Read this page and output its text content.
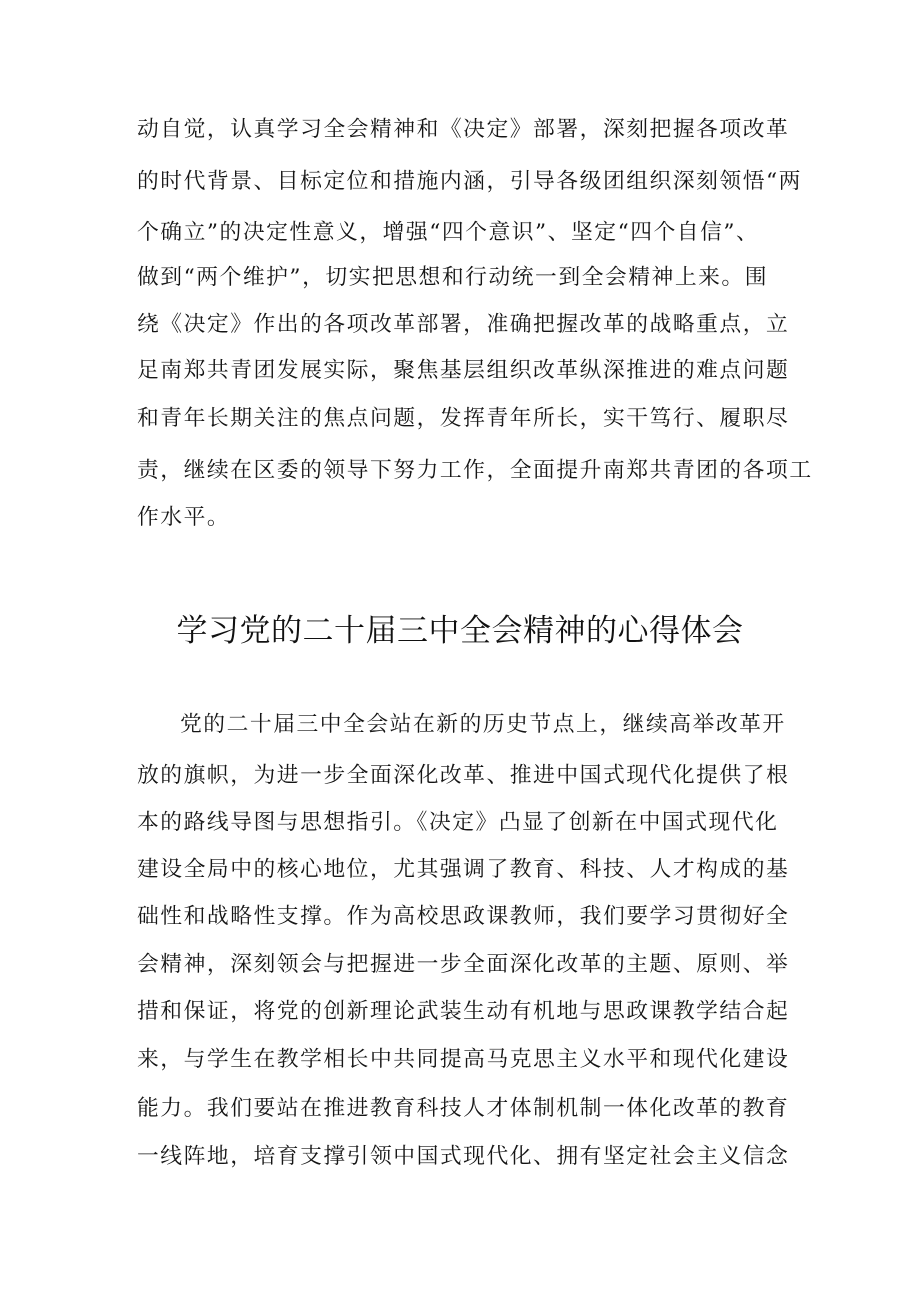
动自觉，认真学习全会精神和《决定》部署，深刻把握各项改革
的时代背景、目标定位和措施内涵，引导各级团组织深刻领悟“两
个确立”的决定性意义，增强“四个意识”、坚定“四个自信”、
做到“两个维护”，切实把思想和行动统一到全会精神上来。围
绕《决定》作出的各项改革部署，准确把握改革的战略重点，立
足南郑共青团发展实际，聚焦基层组织改革纵深推进的难点问题
和青年长期关注的焦点问题，发挥青年所长，实干笃行、履职尽
责，继续在区委的领导下努力工作，全面提升南郑共青团的各项工
作水平。
学习党的二十届三中全会精神的心得体会
党的二十届三中全会站在新的历史节点上，继续高举改革开
放的旗帜，为进一步全面深化改革、推进中国式现代化提供了根
本的路线导图与思想指引。《决定》凸显了创新在中国式现代化
建设全局中的核心地位，尤其强调了教育、科技、人才构成的基
础性和战略性支撑。作为高校思政课教师，我们要学习贯彻好全
会精神，深刻领会与把握进一步全面深化改革的主题、原则、举
措和保证，将党的创新理论武装生动有机地与思政课教学结合起
来，与学生在教学相长中共同提高马克思主义水平和现代化建设
能力。我们要站在推进教育科技人才体制机制一体化改革的教育
一线阵地，培育支撑引领中国式现代化、拥有坚定社会主义信念
